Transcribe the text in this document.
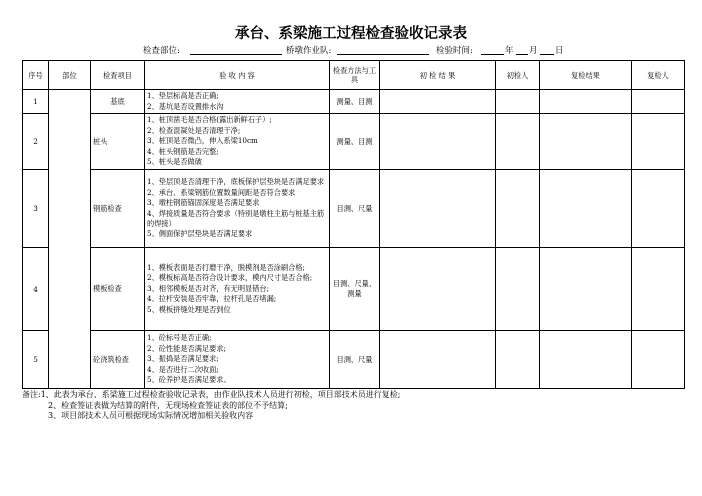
承台、系梁施工过程检查验收记录表
检查部位:	桥墩作业队:	检验时间:	年 月 日
序号	部位	检查项目	验 收 内 容	检查方法与工具	初 检 结 果	初检人	复检结果	复检人
1		基底	1、垫层标高是否正确;
2、基坑是否设置排水沟	测量、目测				
2		桩头	1、桩顶凿毛是否合格(露出新鲜石子）;
2、检查混凝处是否清理干净;
3、桩顶是否微凸，伸入系梁10cm
4、桩头钢筋是否完整;
5、桩头是否做破	测量、目测				
3		钢筋检查	1、垫层顶是否清理干净，底板保护层垫块是否满足要求
2、承台、系梁钢筋位置数量间距是否符合要求
3、墩柱钢筋锚固深度是否满足要求
4、焊接质量是否符合要求（特别是墩柱主筋与桩基主筋的焊接）
5、侧面保护层垫块是否满足要求	目测、尺量				
4		模板检查	1、模板表面是否打磨干净，脱模剂是否涂刷合格;
2、模板标高是否符合设计要求，模内尺寸是否合格;
3、相邻模板是否对齐，有无明显错台;
4、拉杆安装是否牢靠，拉杆孔是否堵漏;
5、模板拼缝处理是否到位	目测、尺量、测量				
5		砼浇筑检查	1、砼标号是否正确;
2、砼性能是否满足要求;
3、振捣是否满足要求;
4、是否进行二次收面;
5、砼养护是否满足要求。	目测、尺量				
备注:1、此表为承台、系梁施工过程检查验收记录表，由作业队技术人员进行初检，项目部技术员进行复检;
2、检查签证表做为结算的附件，无现场检查签证表的部位不予结算;
3、项目部技术人员可根据现场实际情况增加相关验收内容
